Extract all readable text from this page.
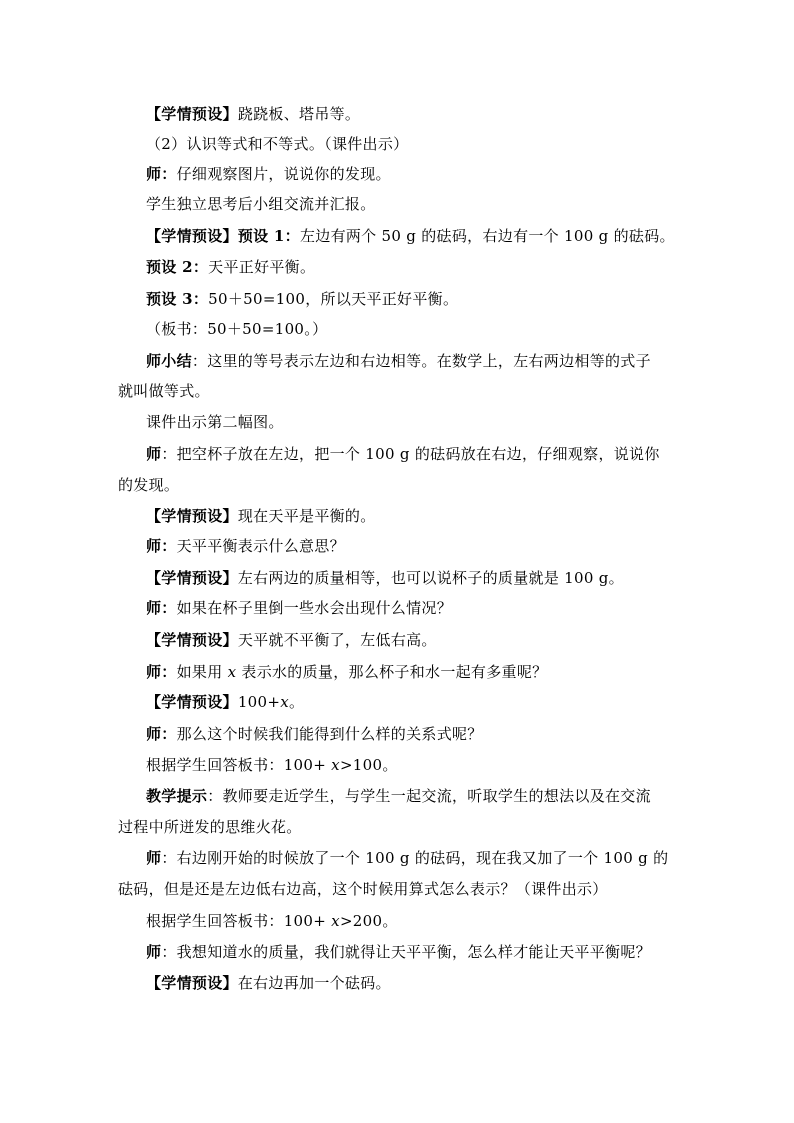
【学情预设】跷跷板、塔吊等。
（2）认识等式和不等式。（课件出示）
师：仔细观察图片，说说你的发现。
学生独立思考后小组交流并汇报。
【学情预设】预设 1：左边有两个 50 g 的砝码，右边有一个 100 g 的砝码。
预设 2：天平正好平衡。
预设 3：50＋50=100，所以天平正好平衡。
（板书：50＋50=100。）
师小结：这里的等号表示左边和右边相等。在数学上，左右两边相等的式子
就叫做等式。
课件出示第二幅图。
师：把空杯子放在左边，把一个 100 g 的砝码放在右边，仔细观察，说说你
的发现。
【学情预设】现在天平是平衡的。
师：天平平衡表示什么意思？
【学情预设】左右两边的质量相等，也可以说杯子的质量就是 100 g。
师：如果在杯子里倒一些水会出现什么情况？
【学情预设】天平就不平衡了，左低右高。
师：如果用 x 表示水的质量，那么杯子和水一起有多重呢？
【学情预设】100+x。
师：那么这个时候我们能得到什么样的关系式呢？
根据学生回答板书：100+ x>100。
教学提示：教师要走近学生，与学生一起交流，听取学生的想法以及在交流
过程中所迸发的思维火花。
师：右边刚开始的时候放了一个 100 g 的砝码，现在我又加了一个 100 g 的
砝码，但是还是左边低右边高，这个时候用算式怎么表示？（课件出示）
根据学生回答板书：100+ x>200。
师：我想知道水的质量，我们就得让天平平衡，怎么样才能让天平平衡呢？
【学情预设】在右边再加一个砝码。
